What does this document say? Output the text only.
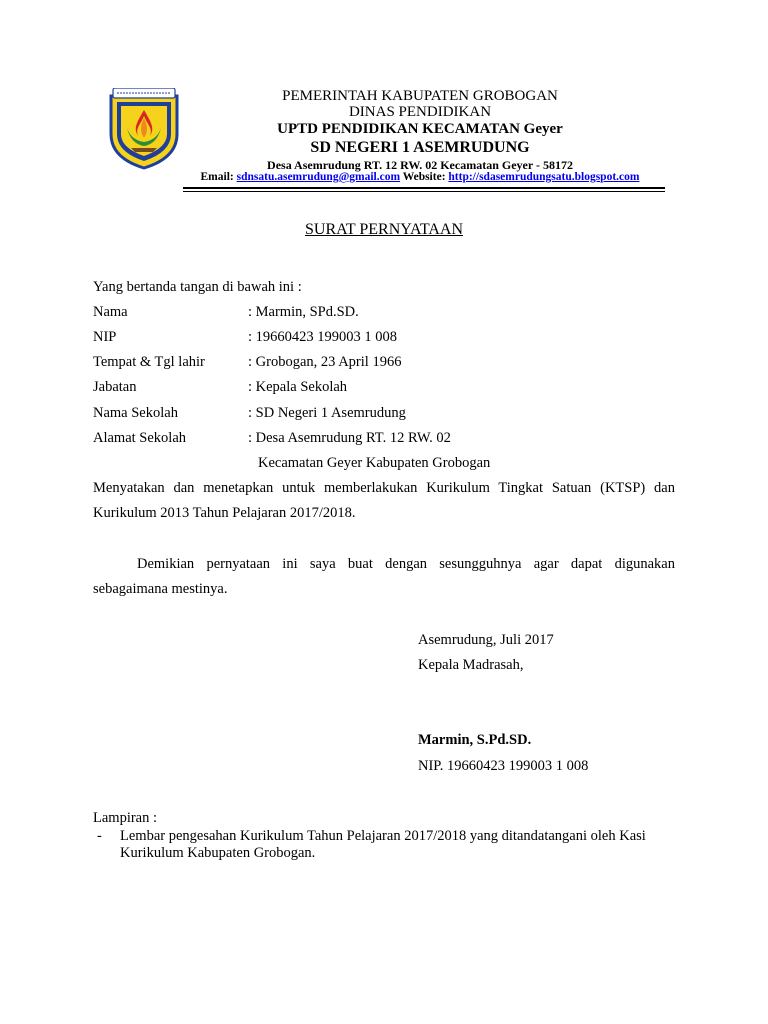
PEMERINTAH KABUPATEN GROBOGAN
DINAS PENDIDIKAN
UPTD PENDIDIKAN KECAMATAN Geyer
SD NEGERI 1 ASEMRUDUNG
Desa Asemrudung RT. 12 RW. 02 Kecamatan Geyer - 58172
Email: sdnsatu.asemrudung@gmail.com Website: http://sdasemrudungsatu.blogspot.com
SURAT PERNYATAAN
Yang bertanda tangan di bawah ini :
Nama	: Marmin, SPd.SD.
NIP	: 19660423 199003 1 008
Tempat & Tgl lahir	: Grobogan, 23 April 1966
Jabatan	: Kepala Sekolah
Nama Sekolah	: SD Negeri 1 Asemrudung
Alamat Sekolah	: Desa Asemrudung RT. 12 RW. 02
Kecamatan Geyer Kabupaten Grobogan
Menyatakan dan menetapkan untuk memberlakukan Kurikulum Tingkat Satuan (KTSP) dan Kurikulum 2013 Tahun Pelajaran 2017/2018.
Demikian pernyataan ini saya buat dengan sesungguhnya agar dapat digunakan sebagaimana mestinya.
Asemrudung, Juli 2017
Kepala Madrasah,
Marmin, S.Pd.SD.
NIP. 19660423 199003 1 008
Lampiran :
- Lembar pengesahan Kurikulum Tahun Pelajaran 2017/2018 yang ditandatangani oleh Kasi Kurikulum Kabupaten Grobogan.
